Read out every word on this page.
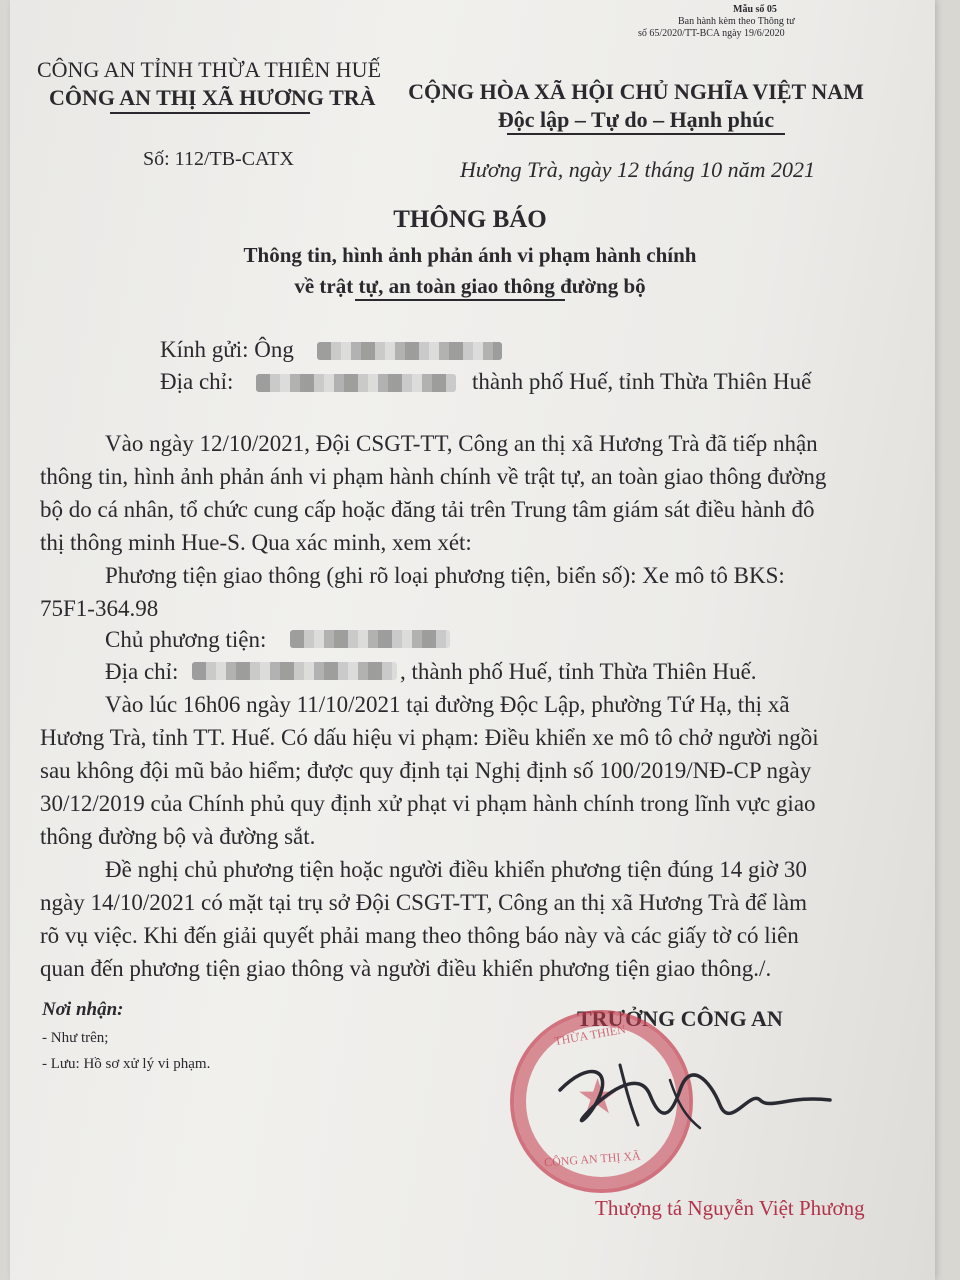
Mẫu số 05
Ban hành kèm theo Thông tư
số 65/2020/TT-BCA ngày 19/6/2020
CÔNG AN TỈNH THỪA THIÊN HUẾ
CÔNG AN THỊ XÃ HƯƠNG TRÀ	CỘNG HÒA XÃ HỘI CHỦ NGHĨA VIỆT NAM
Độc lập – Tự do – Hạnh phúc
Số: 112/TB-CATX	Hương Trà, ngày 12 tháng 10 năm 2021
THÔNG BÁO
Thông tin, hình ảnh phản ánh vi phạm hành chính
về trật tự, an toàn giao thông đường bộ
Kính gửi: Ông
Địa chỉ:	thành phố Huế, tỉnh Thừa Thiên Huế
Vào ngày 12/10/2021, Đội CSGT-TT, Công an thị xã Hương Trà đã tiếp nhận
thông tin, hình ảnh phản ánh vi phạm hành chính về trật tự, an toàn giao thông đường
bộ do cá nhân, tổ chức cung cấp hoặc đăng tải trên Trung tâm giám sát điều hành đô
thị thông minh Hue-S. Qua xác minh, xem xét:
Phương tiện giao thông (ghi rõ loại phương tiện, biển số): Xe mô tô BKS:
75F1-364.98
Chủ phương tiện:
Địa chỉ:	, thành phố Huế, tỉnh Thừa Thiên Huế.
Vào lúc 16h06 ngày 11/10/2021 tại đường Độc Lập, phường Tứ Hạ, thị xã
Hương Trà, tỉnh TT. Huế. Có dấu hiệu vi phạm: Điều khiển xe mô tô chở người ngồi
sau không đội mũ bảo hiểm; được quy định tại Nghị định số 100/2019/NĐ-CP ngày
30/12/2019 của Chính phủ quy định xử phạt vi phạm hành chính trong lĩnh vực giao
thông đường bộ và đường sắt.
Đề nghị chủ phương tiện hoặc người điều khiển phương tiện đúng 14 giờ 30
ngày 14/10/2021 có mặt tại trụ sở Đội CSGT-TT, Công an thị xã Hương Trà để làm
rõ vụ việc. Khi đến giải quyết phải mang theo thông báo này và các giấy tờ có liên
quan đến phương tiện giao thông và người điều khiển phương tiện giao thông./.
Nơi nhận:
- Như trên;
- Lưu: Hồ sơ xử lý vi phạm.
TRƯỞNG CÔNG AN
THỪA THIÊN
★
CÔNG AN THỊ XÃ
Thượng tá Nguyễn Việt Phương
